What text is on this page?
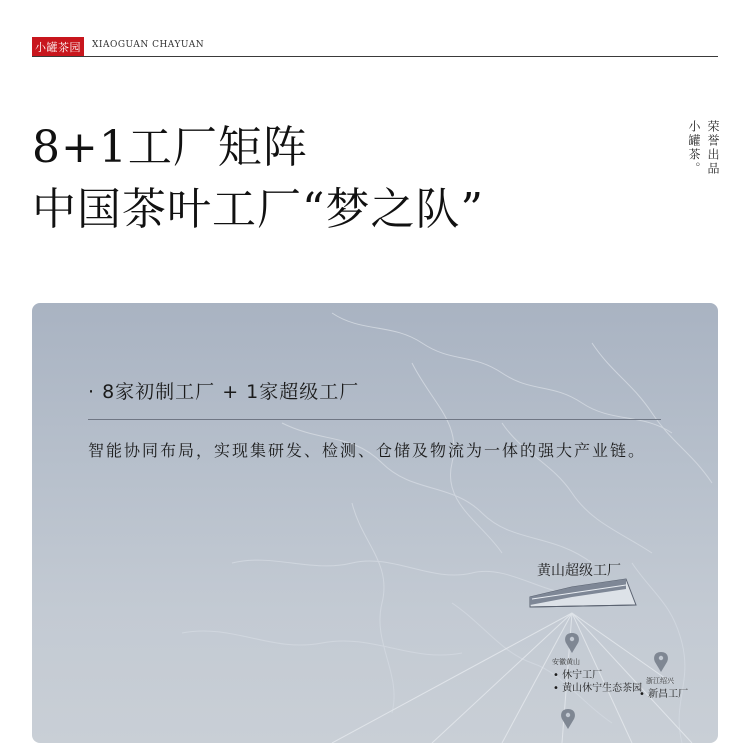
小罐茶园	XIAOGUAN CHAYUAN
8+1工厂矩阵
中国茶叶工厂“梦之队”
小罐茶。 荣誉出品
· 8家初制工厂 + 1家超级工厂
智能协同布局，实现集研发、检测、仓储及物流为一体的强大产业链。
黄山超级工厂
安徽黄山
• 休宁工厂
• 黄山休宁生态茶园
浙江绍兴
• 新昌工厂
